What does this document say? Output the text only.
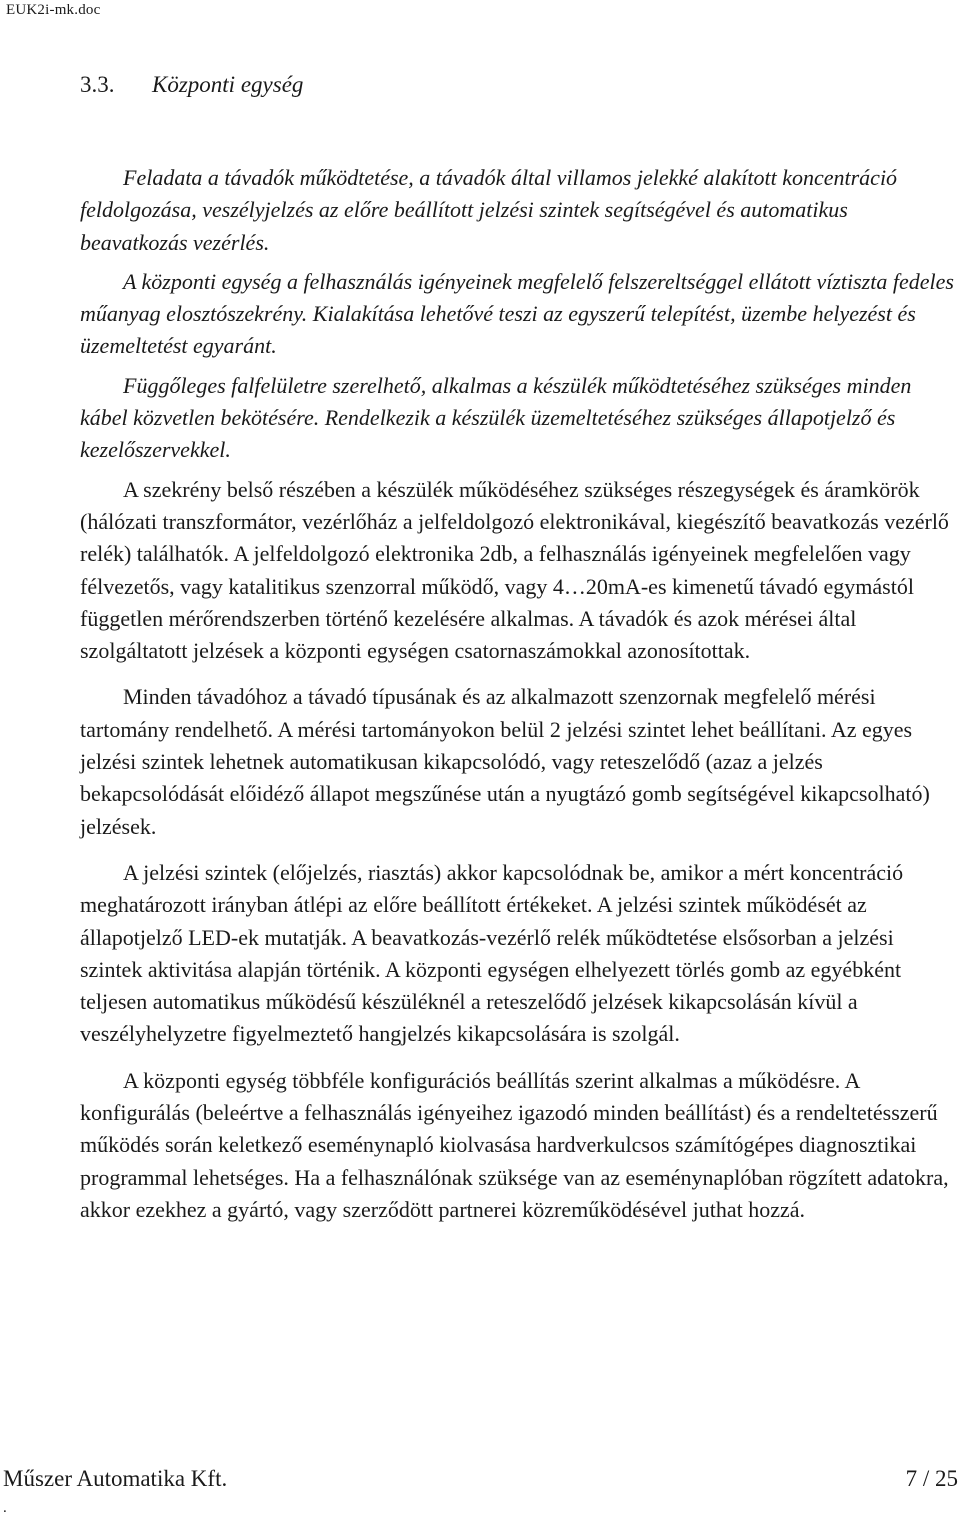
EUK2i-mk.doc
3.3. Központi egység

Feladata a távadók működtetése, a távadók által villamos jelekké alakított koncentráció feldolgozása, veszélyjelzés az előre beállított jelzési szintek segítségével és automatikus beavatkozás vezérlés.

A központi egység a felhasználás igényeinek megfelelő felszereltséggel ellátott víztiszta fedeles műanyag elosztószekrény. Kialakítása lehetővé teszi az egyszerű telepítést, üzembe helyezést és üzemeltetést egyaránt.

Függőleges falfelületre szerelhető, alkalmas a készülék működtetéséhez szükséges minden kábel közvetlen bekötésére. Rendelkezik a készülék üzemeltetéséhez szükséges állapotjelző és kezelőszervekkel.

A szekrény belső részében a készülék működéséhez szükséges részegységek és áramkörök (hálózati transzformátor, vezérlőház a jelfeldolgozó elektronikával, kiegészítő beavatkozás vezérlő relék) találhatók. A jelfeldolgozó elektronika 2db, a felhasználás igényeinek megfelelően vagy félvezetős, vagy katalitikus szenzorral működő, vagy 4…20mA-es kimenetű távadó egymástól független mérőrendszerben történő kezelésére alkalmas. A távadók és azok mérései által szolgáltatott jelzések a központi egységen csatornaszámokkal azonosítottak.

Minden távadóhoz a távadó típusának és az alkalmazott szenzornak megfelelő mérési tartomány rendelhető. A mérési tartományokon belül 2 jelzési szintet lehet beállítani. Az egyes jelzési szintek lehetnek automatikusan kikapcsolódó, vagy reteszelődő (azaz a jelzés bekapcsolódását előidéző állapot megszűnése után a nyugtázó gomb segítségével kikapcsolható) jelzések.

A jelzési szintek (előjelzés, riasztás) akkor kapcsolódnak be, amikor a mért koncentráció meghatározott irányban átlépi az előre beállított értékeket. A jelzési szintek működését az állapotjelző LED-ek mutatják. A beavatkozás-vezérlő relék működtetése elsősorban a jelzési szintek aktivitása alapján történik. A központi egységen elhelyezett törlés gomb az egyébként teljesen automatikus működésű készüléknél a reteszelődő jelzések kikapcsolásán kívül a veszélyhelyzetre figyelmeztető hangjelzés kikapcsolására is szolgál.

A központi egység többféle konfigurációs beállítás szerint alkalmas a működésre. A konfigurálás (beleértve a felhasználás igényeihez igazodó minden beállítást) és a rendeltetésszerű működés során keletkező eseménynapló kiolvasása hardverkulcsos számítógépes diagnosztikai programmal lehetséges. Ha a felhasználónak szüksége van az eseménynaplóban rögzített adatokra, akkor ezekhez a gyártó, vagy szerződött partnerei közreműködésével juthat hozzá.

Műszer Automatika Kft.	7 / 25
.
